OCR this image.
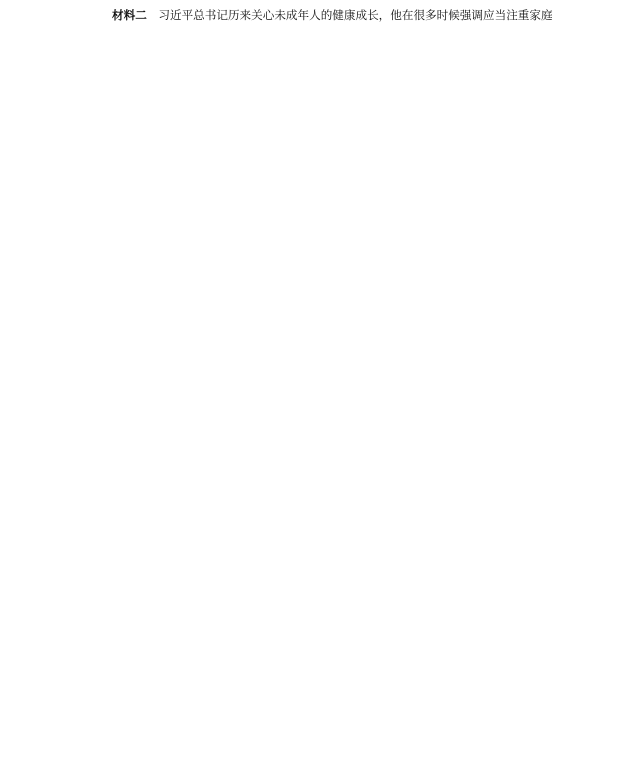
材料二　习近平总书记历来关心未成年人的健康成长，他在很多时候强调应当注重家庭
